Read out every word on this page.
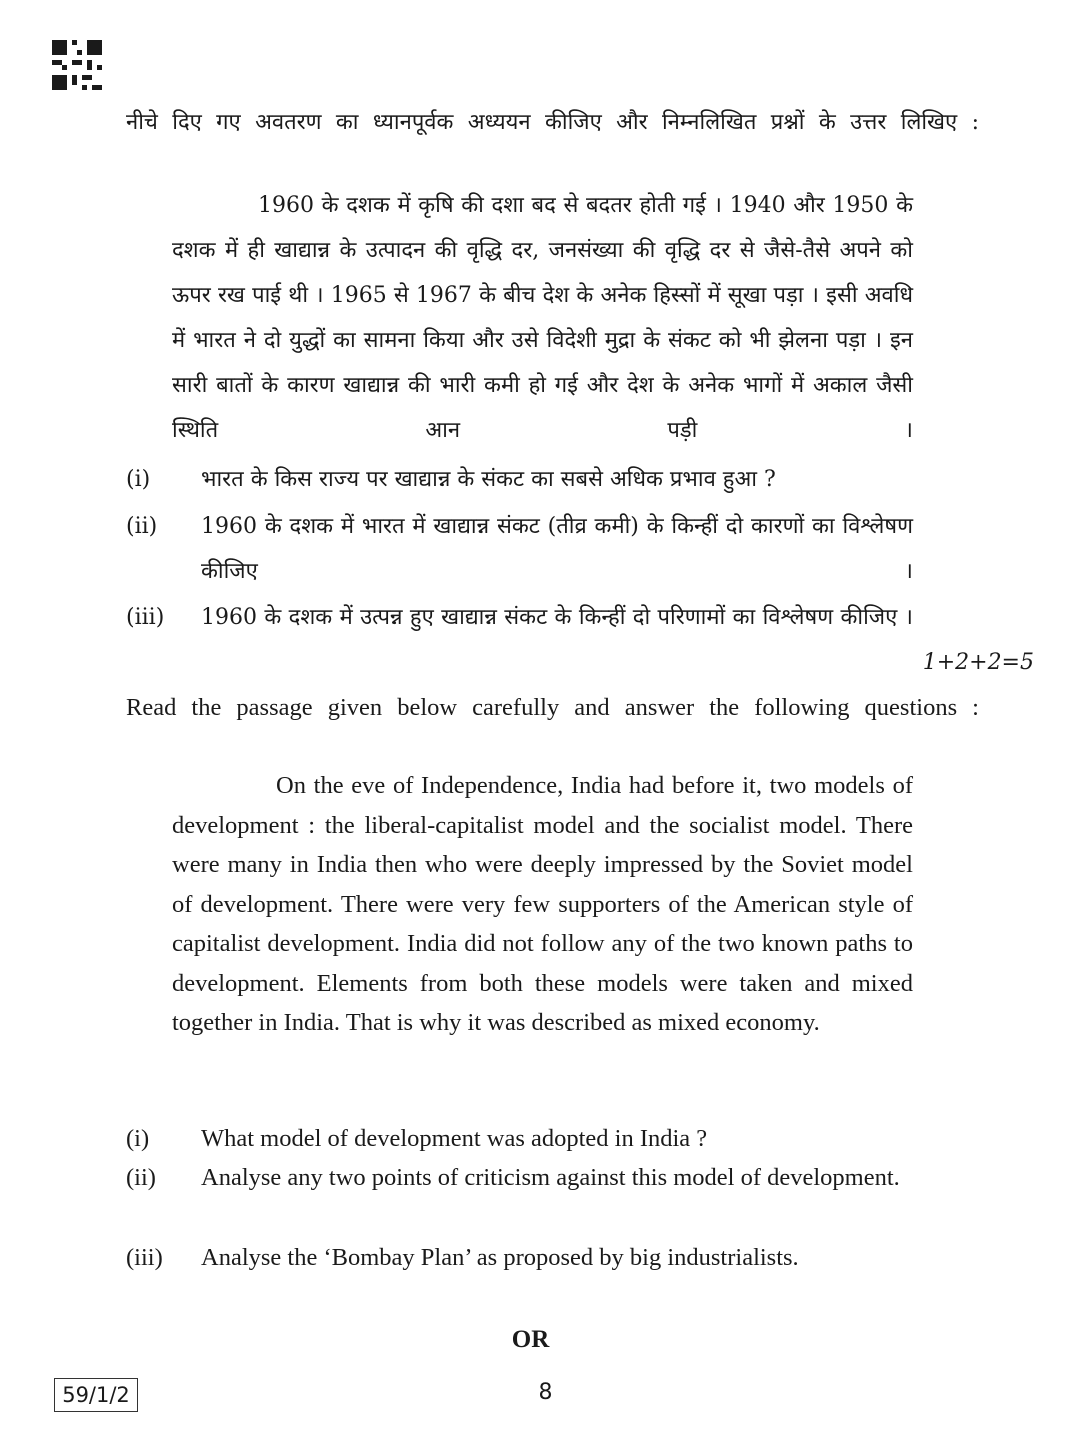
नीचे दिए गए अवतरण का ध्यानपूर्वक अध्ययन कीजिए और निम्नलिखित प्रश्नों के उत्तर लिखिए :
1960 के दशक में कृषि की दशा बद से बदतर होती गई । 1940 और 1950 के दशक में ही खाद्यान्न के उत्पादन की वृद्धि दर, जनसंख्या की वृद्धि दर से जैसे-तैसे अपने को ऊपर रख पाई थी । 1965 से 1967 के बीच देश के अनेक हिस्सों में सूखा पड़ा । इसी अवधि में भारत ने दो युद्धों का सामना किया और उसे विदेशी मुद्रा के संकट को भी झेलना पड़ा । इन सारी बातों के कारण खाद्यान्न की भारी कमी हो गई और देश के अनेक भागों में अकाल जैसी स्थिति आन पड़ी ।
(i) भारत के किस राज्य पर खाद्यान्न के संकट का सबसे अधिक प्रभाव हुआ ?
(ii) 1960 के दशक में भारत में खाद्यान्न संकट (तीव्र कमी) के किन्हीं दो कारणों का विश्लेषण कीजिए ।
(iii) 1960 के दशक में उत्पन्न हुए खाद्यान्न संकट के किन्हीं दो परिणामों का विश्लेषण कीजिए ।
1+2+2=5
Read the passage given below carefully and answer the following questions :
On the eve of Independence, India had before it, two models of development : the liberal-capitalist model and the socialist model. There were many in India then who were deeply impressed by the Soviet model of development. There were very few supporters of the American style of capitalist development. India did not follow any of the two known paths to development. Elements from both these models were taken and mixed together in India. That is why it was described as mixed economy.
(i) What model of development was adopted in India ?
(ii) Analyse any two points of criticism against this model of development.
(iii) Analyse the ‘Bombay Plan’ as proposed by big industrialists.
OR
59/1/2	8
